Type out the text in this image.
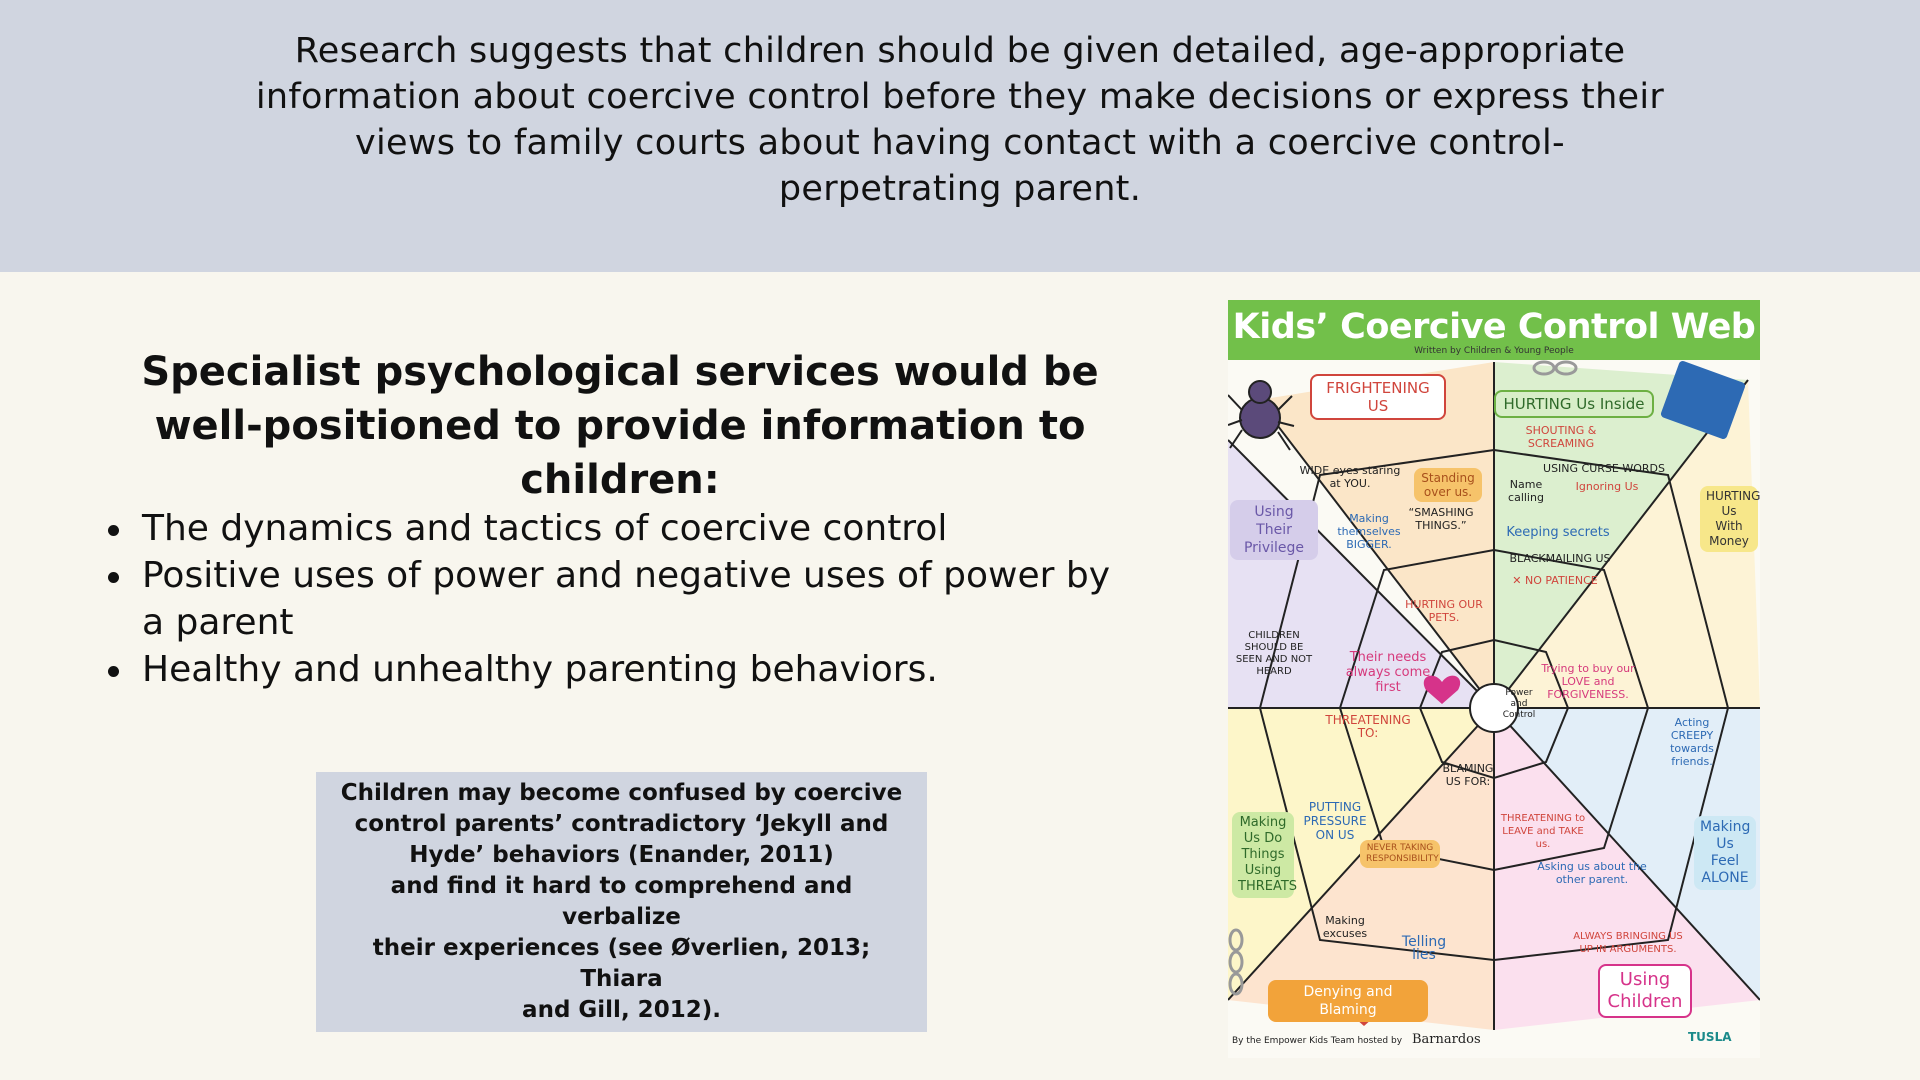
Research suggests that children should be given detailed, age-appropriate information about coercive control before they make decisions or express their views to family courts about having contact with a coercive control-perpetrating parent.

Specialist psychological services would be
well-positioned to provide information to children:
The dynamics and tactics of coercive control
Positive uses of power and negative uses of power by a parent
Healthy and unhealthy parenting behaviors.

Children may become confused by coercive
control parents’ contradictory ‘Jekyll and
Hyde’ behaviors (Enander, 2011)
and find it hard to comprehend and verbalize
their experiences (see Øverlien, 2013; Thiara
and Gill, 2012).

Kids’ Coercive Control Web
Written by Children & Young People
FRIGHTENING US	HURTING Us Inside
SHOUTING & SCREAMING
USING CURSE WORDS
Name calling
Ignoring Us
HURTING Us With Money
Using Their Privilege
WIDE eyes staring at YOU.	Standing over us.
“SMASHING THINGS.”
Making themselves BIGGER.
Keeping secrets
BLACKMAILING US
✕ NO PATIENCE
CHILDREN SHOULD BE SEEN AND NOT HEARD
HURTING OUR PETS.
Their needs always come first
Trying to buy our LOVE and FORGIVENESS.
THREATENING TO:
BLAMING US FOR:
PUTTING PRESSURE ON US
Making Us Do Things Using THREATS
NEVER TAKING RESPONSIBILITY
THREATENING to LEAVE and TAKE us.
Acting CREEPY towards friends.
Making Us Feel ALONE
Asking us about the other parent.
ALWAYS BRINGING US UP IN ARGUMENTS.
Using Children
Making excuses
Telling lies
Denying and Blaming
Power and Control
By the Empower Kids Team hosted by Barnardos	TUSLA
